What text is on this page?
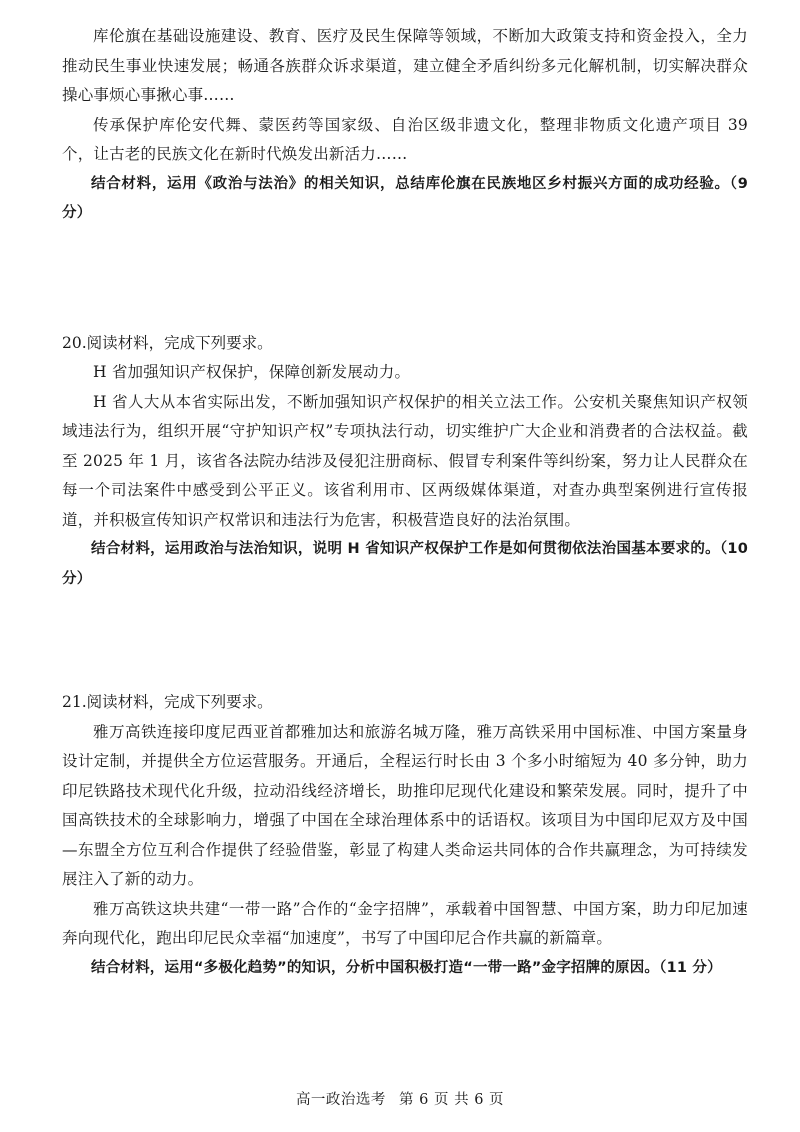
库伦旗在基础设施建设、教育、医疗及民生保障等领域，不断加大政策支持和资金投入，全力推动民生事业快速发展；畅通各族群众诉求渠道，建立健全矛盾纠纷多元化解机制，切实解决群众操心事烦心事揪心事……

传承保护库伦安代舞、蒙医药等国家级、自治区级非遗文化，整理非物质文化遗产项目 39 个，让古老的民族文化在新时代焕发出新活力……

结合材料，运用《政治与法治》的相关知识，总结库伦旗在民族地区乡村振兴方面的成功经验。（9 分）

20.阅读材料，完成下列要求。

H 省加强知识产权保护，保障创新发展动力。

H 省人大从本省实际出发，不断加强知识产权保护的相关立法工作。公安机关聚焦知识产权领域违法行为，组织开展“守护知识产权”专项执法行动，切实维护广大企业和消费者的合法权益。截至 2025 年 1 月，该省各法院办结涉及侵犯注册商标、假冒专利案件等纠纷案，努力让人民群众在每一个司法案件中感受到公平正义。该省利用市、区两级媒体渠道，对查办典型案例进行宣传报道，并积极宣传知识产权常识和违法行为危害，积极营造良好的法治氛围。

结合材料，运用政治与法治知识，说明 H 省知识产权保护工作是如何贯彻依法治国基本要求的。（10 分）

21.阅读材料，完成下列要求。

雅万高铁连接印度尼西亚首都雅加达和旅游名城万隆，雅万高铁采用中国标准、中国方案量身设计定制，并提供全方位运营服务。开通后，全程运行时长由 3 个多小时缩短为 40 多分钟，助力印尼铁路技术现代化升级，拉动沿线经济增长，助推印尼现代化建设和繁荣发展。同时，提升了中国高铁技术的全球影响力，增强了中国在全球治理体系中的话语权。该项目为中国印尼双方及中国—东盟全方位互利合作提供了经验借鉴，彰显了构建人类命运共同体的合作共赢理念，为可持续发展注入了新的动力。

雅万高铁这块共建“一带一路”合作的“金字招牌”，承载着中国智慧、中国方案，助力印尼加速奔向现代化，跑出印尼民众幸福“加速度”，书写了中国印尼合作共赢的新篇章。

结合材料，运用“多极化趋势”的知识，分析中国积极打造“一带一路”金字招牌的原因。（11 分）

高一政治选考 第 6 页 共 6 页
